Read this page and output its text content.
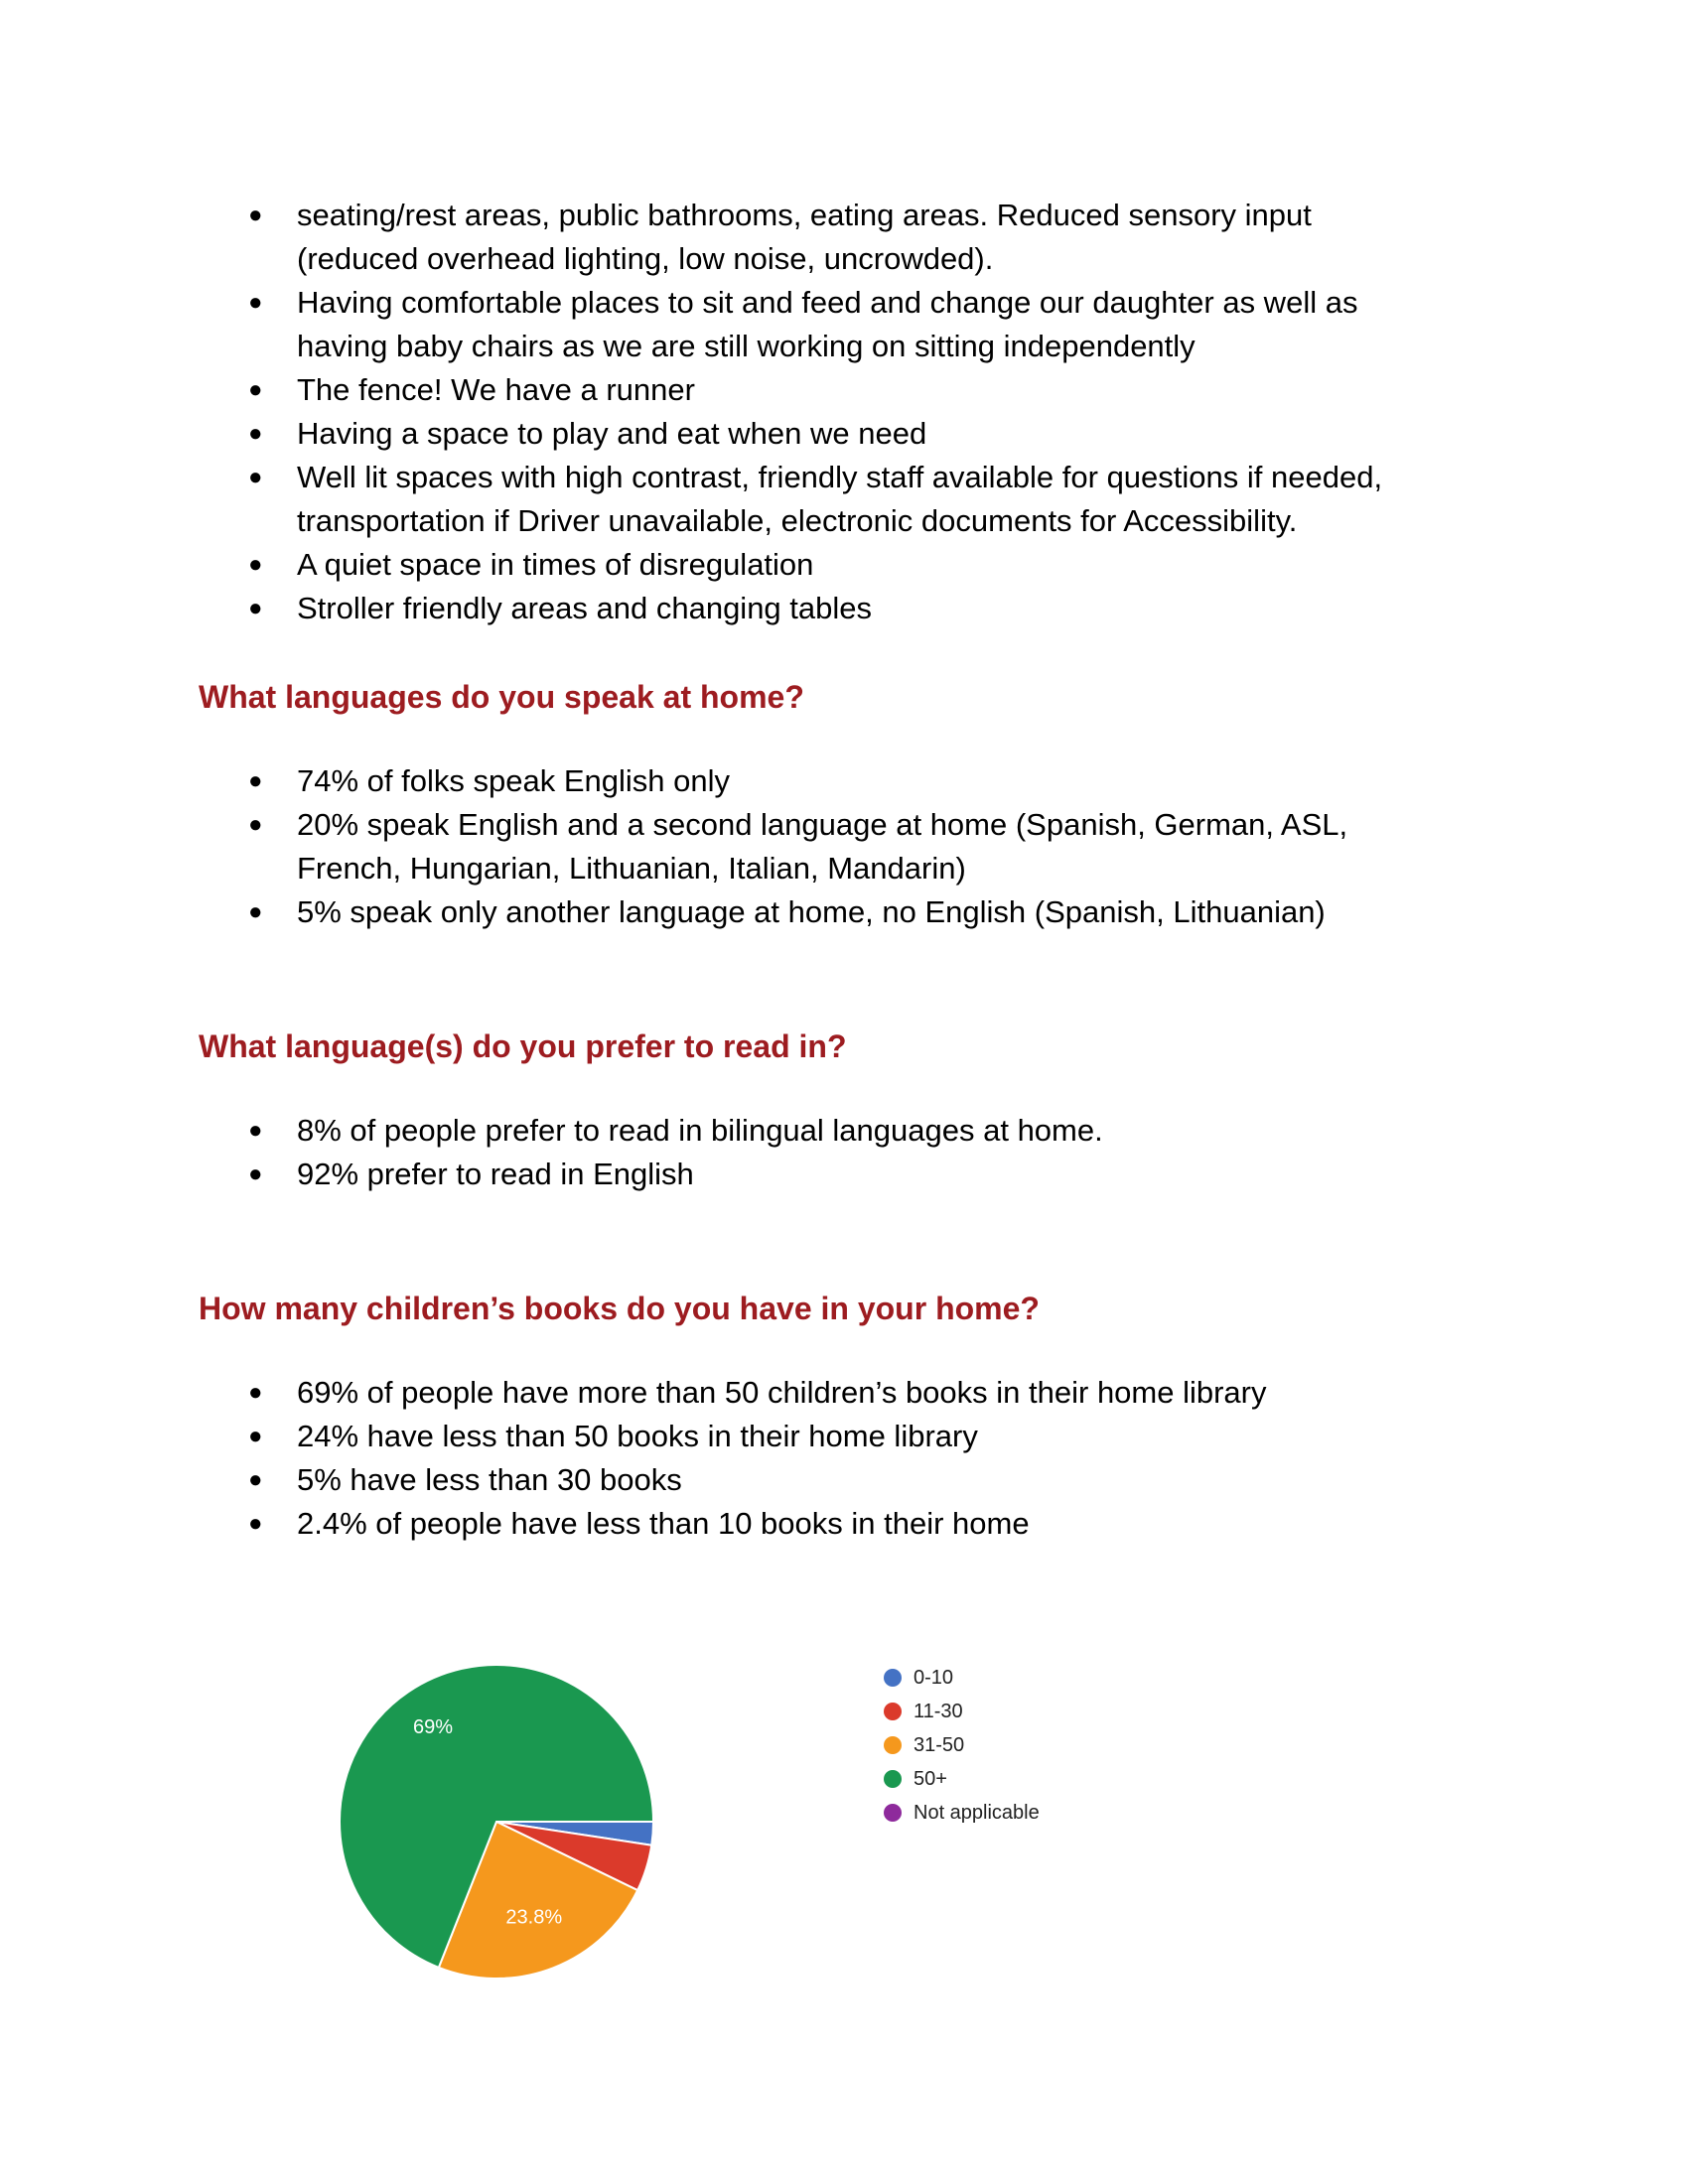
● seating/rest areas, public bathrooms, eating areas. Reduced sensory input
(reduced overhead lighting, low noise, uncrowded).
● Having comfortable places to sit and feed and change our daughter as well as
having baby chairs as we are still working on sitting independently
● The fence! We have a runner
● Having a space to play and eat when we need
● Well lit spaces with high contrast, friendly staff available for questions if needed,
transportation if Driver unavailable, electronic documents for Accessibility.
● A quiet space in times of disregulation
● Stroller friendly areas and changing tables
What languages do you speak at home?
● 74% of folks speak English only
● 20% speak English and a second language at home (Spanish, German, ASL,
French, Hungarian, Lithuanian, Italian, Mandarin)
● 5% speak only another language at home, no English (Spanish, Lithuanian)
What language(s) do you prefer to read in?
● 8% of people prefer to read in bilingual languages at home.
● 92% prefer to read in English
How many children’s books do you have in your home?
● 69% of people have more than 50 children’s books in their home library
● 24% have less than 50 books in their home library
● 5% have less than 30 books
● 2.4% of people have less than 10 books in their home
23.8%
69%
0-10
11-30
31-50
50+
Not applicable
